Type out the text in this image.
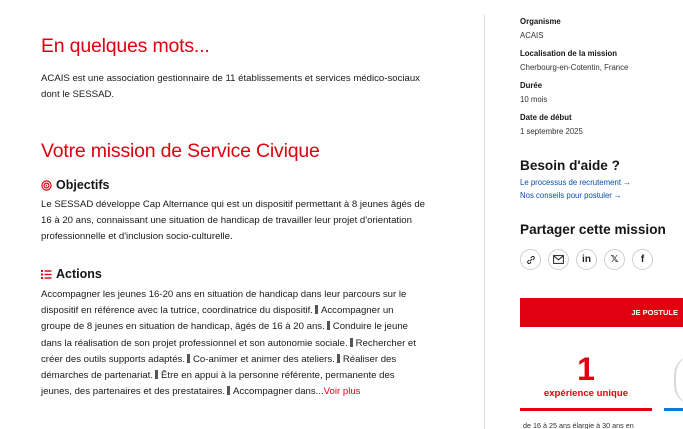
En quelques mots...

ACAIS est une association gestionnaire de 11 établissements et services médico-sociaux dont le SESSAD.

Votre mission de Service Civique
Objectifs

Le SESSAD développe Cap Alternance qui est un dispositif permettant à 8 jeunes âgés de 16 à 20 ans, connaissant une situation de handicap de travailler leur projet d'orientation professionnelle et d'inclusion socio-culturelle.

Actions

Accompagner les jeunes 16-20 ans en situation de handicap dans leur parcours sur le dispositif en référence avec la tutrice, coordinatrice du dispositif. Accompagner un groupe de 8 jeunes en situation de handicap, âgés de 16 à 20 ans. Conduire le jeune dans la réalisation de son projet professionnel et son autonomie sociale. Rechercher et créer des outils supports adaptés. Co-animer et animer des ateliers. Réaliser des démarches de partenariat. Être en appui à la personne référente, permanente des jeunes, des partenaires et des prestataires. Accompagner dans...Voir plus

Organisme
ACAIS
Localisation de la mission
Cherbourg-en-Cotentin, France
Durée
10 mois
Date de début
1 septembre 2025
Besoin d'aide ?
Le processus de recrutement →
Nos conseils pour postuler →
Partager cette mission
in 𝕏 f
JE POSTULE
1
expérience unique
de 16 à 25 ans élargie à 30 ans en
